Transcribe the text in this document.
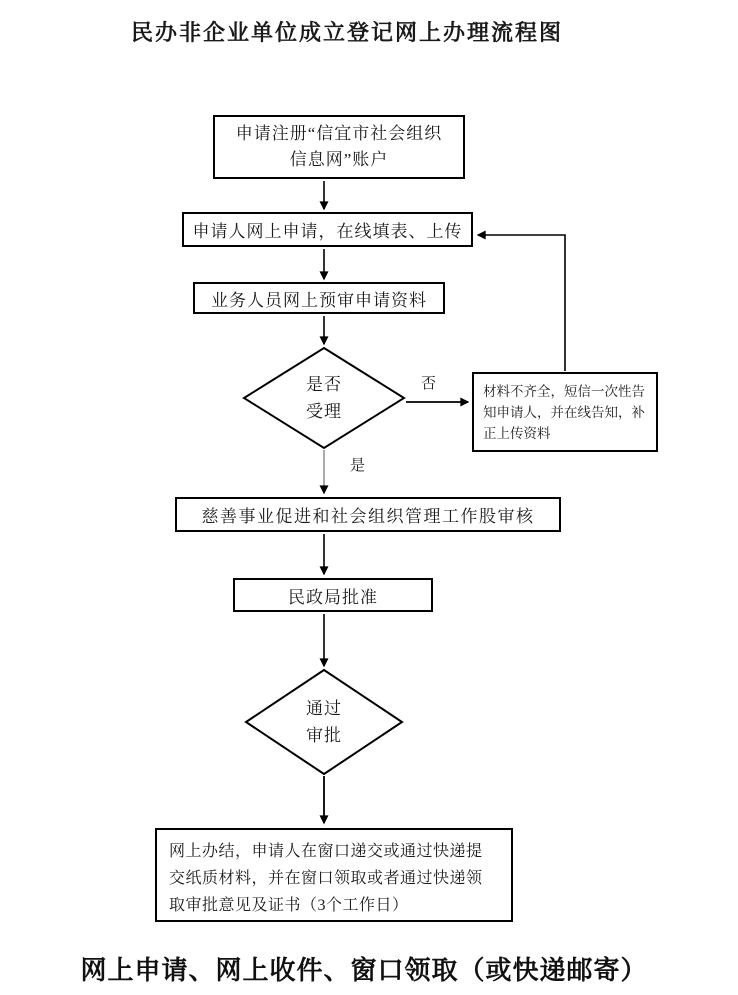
民办非企业单位成立登记网上办理流程图
申请注册“信宜市社会组织
信息网”账户
申请人网上申请，在线填表、上传
业务人员网上预审申请资料
是否
受理
否
是
材料不齐全，短信一次性告
知申请人，并在线告知，补
正上传资料
慈善事业促进和社会组织管理工作股审核
民政局批准
通过
审批
网上办结，申请人在窗口递交或通过快递提
交纸质材料，并在窗口领取或者通过快递领
取审批意见及证书（3个工作日）
网上申请、网上收件、窗口领取（或快递邮寄）
